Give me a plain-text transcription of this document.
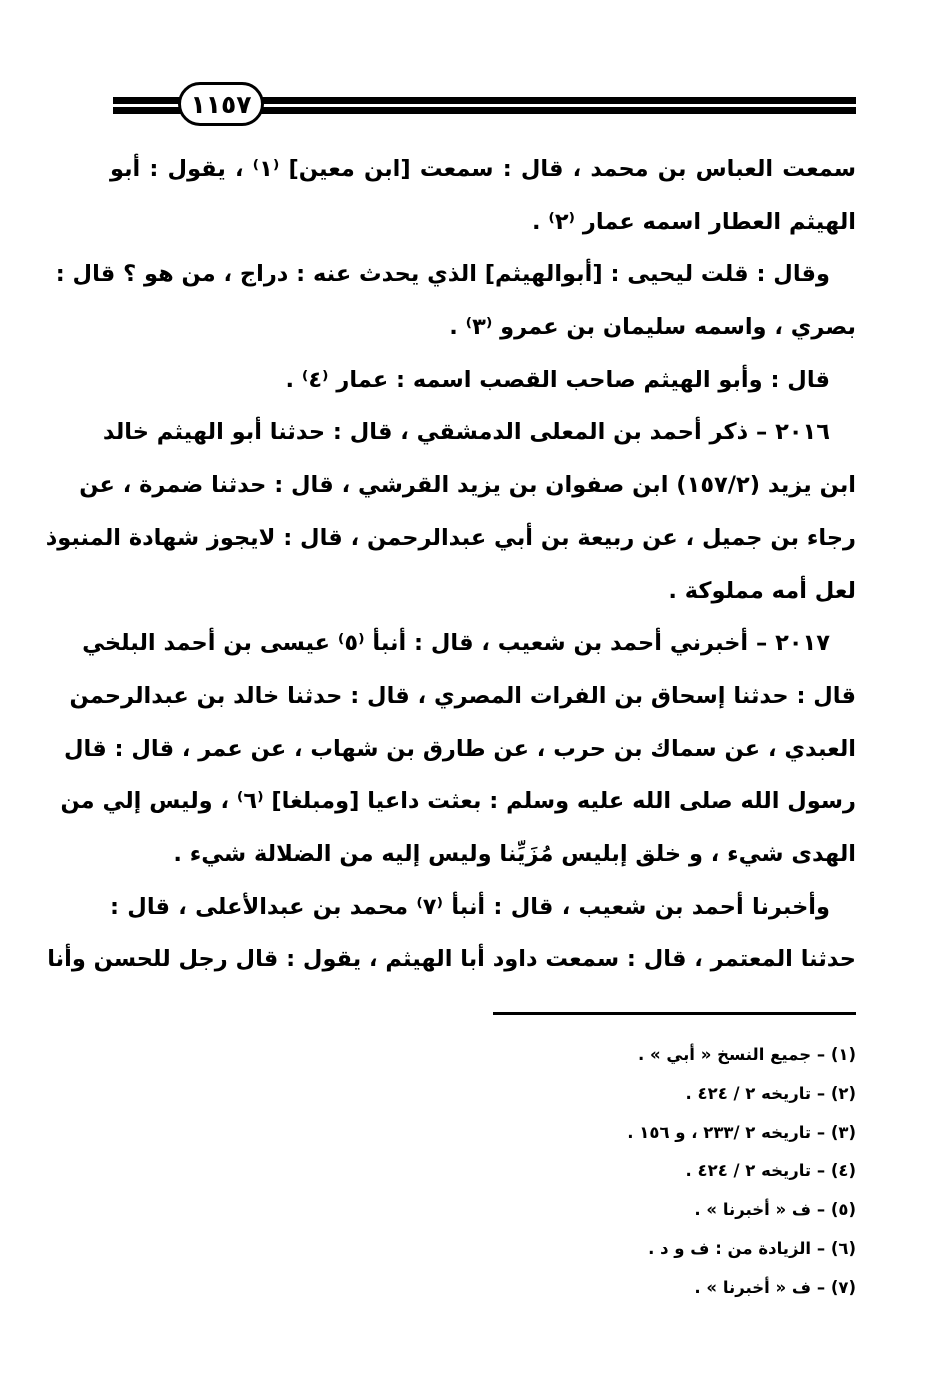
١١٥٧
سمعت العباس بن محمد ، قال : سمعت [ابن معين] ⁽١⁾ ، يقول : أبو
الهيثم العطار اسمه عمار ⁽٢⁾ .
وقال : قلت ليحيى : [أبوالهيثم] الذي يحدث عنه : دراج ، من هو ؟ قال :
بصري ، واسمه سليمان بن عمرو ⁽٣⁾ .
قال : وأبو الهيثم صاحب القصب اسمه : عمار ⁽٤⁾ .
٢٠١٦ – ذكر أحمد بن المعلى الدمشقي ، قال : حدثنا أبو الهيثم خالد
ابن يزيد (١٥٧/٢) ابن صفوان بن يزيد القرشي ، قال : حدثنا ضمرة ، عن
رجاء بن جميل ، عن ربيعة بن أبي عبدالرحمن ، قال : لايجوز شهادة المنبوذ
لعل أمه مملوكة .
٢٠١٧ – أخبرني أحمد بن شعيب ، قال : أنبأ ⁽٥⁾ عيسى بن أحمد البلخي
قال : حدثنا إسحاق بن الفرات المصري ، قال : حدثنا خالد بن عبدالرحمن
العبدي ، عن سماك بن حرب ، عن طارق بن شهاب ، عن عمر ، قال : قال
رسول الله صلى الله عليه وسلم : بعثت داعيا [ومبلغا] ⁽٦⁾ ، وليس إلي من
الهدى شيء ، و خلق إبليس مُزَيِّنا وليس إليه من الضلالة شيء .
وأخبرنا أحمد بن شعيب ، قال : أنبأ ⁽٧⁾ محمد بن عبدالأعلى ، قال :
حدثنا المعتمر ، قال : سمعت داود أبا الهيثم ، يقول : قال رجل للحسن وأنا
(١) – جميع النسخ « أبي » .
(٢) – تاريخه ٢ / ٤٢٤ .
(٣) – تاريخه ٢ /٢٣٣ ، و ١٥٦ .
(٤) – تاريخه ٢ / ٤٢٤ .
(٥) – ف « أخبرنا » .
(٦) – الزيادة من : ف و د .
(٧) – ف « أخبرنا » .
